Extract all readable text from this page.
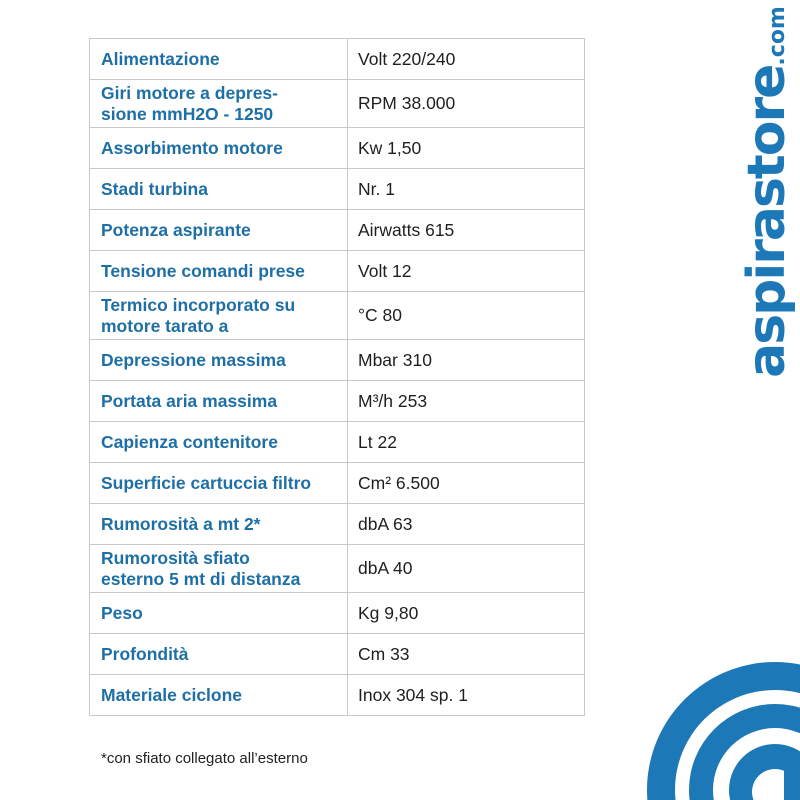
Alimentazione	Volt 220/240
Giri motore a depres-
sione mmH2O - 1250	RPM 38.000
Assorbimento motore	Kw 1,50
Stadi turbina	Nr. 1
Potenza aspirante	Airwatts 615
Tensione comandi prese	Volt 12
Termico incorporato su
motore tarato a	°C 80
Depressione massima	Mbar 310
Portata aria massima	M³/h 253
Capienza contenitore	Lt 22
Superficie cartuccia filtro	Cm² 6.500
Rumorosità a mt 2*	dbA 63
Rumorosità sfiato
esterno 5 mt di distanza	dbA 40
Peso	Kg 9,80
Profondità	Cm 33
Materiale ciclone	Inox 304 sp. 1
*con sfiato collegato all’esterno
aspirastore.com
